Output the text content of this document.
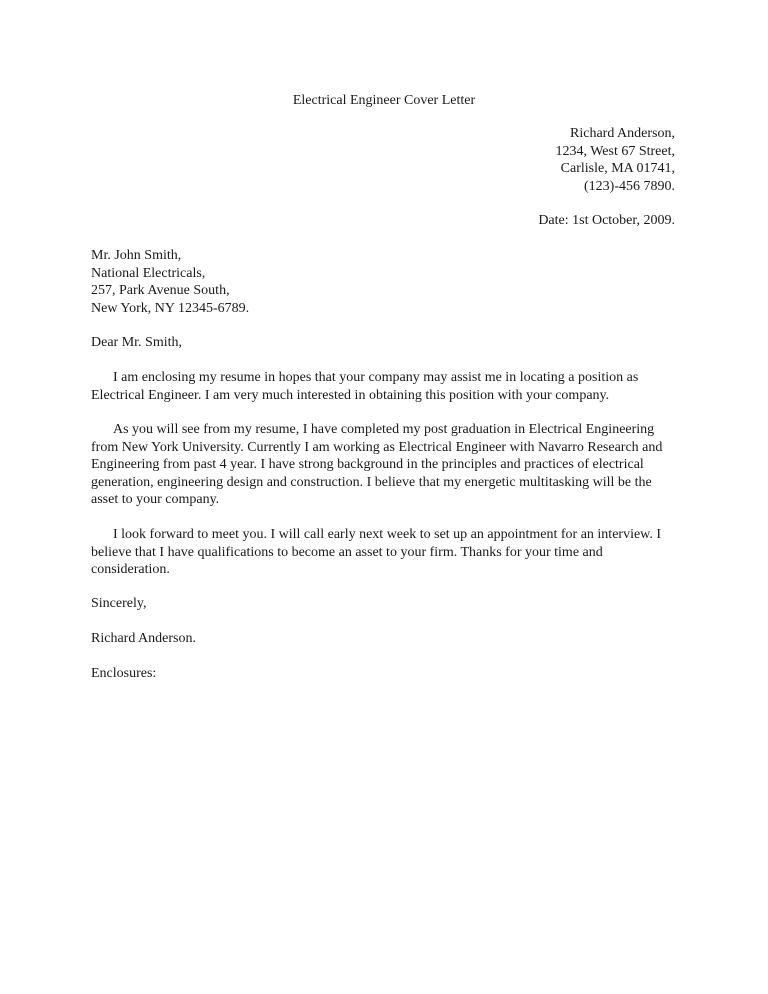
Electrical Engineer Cover Letter
Richard Anderson,
1234, West 67 Street,
Carlisle, MA 01741,
(123)-456 7890.
Date: 1st October, 2009.
Mr. John Smith,
National Electricals,
257, Park Avenue South,
New York, NY 12345-6789.
Dear Mr. Smith,

I am enclosing my resume in hopes that your company may assist me in locating a position as Electrical Engineer. I am very much interested in obtaining this position with your company.

As you will see from my resume, I have completed my post graduation in Electrical Engineering from New York University. Currently I am working as Electrical Engineer with Navarro Research and Engineering from past 4 year. I have strong background in the principles and practices of electrical generation, engineering design and construction. I believe that my energetic multitasking will be the asset to your company.

I look forward to meet you. I will call early next week to set up an appointment for an interview. I believe that I have qualifications to become an asset to your firm. Thanks for your time and consideration.

Sincerely,
Richard Anderson.
Enclosures:
